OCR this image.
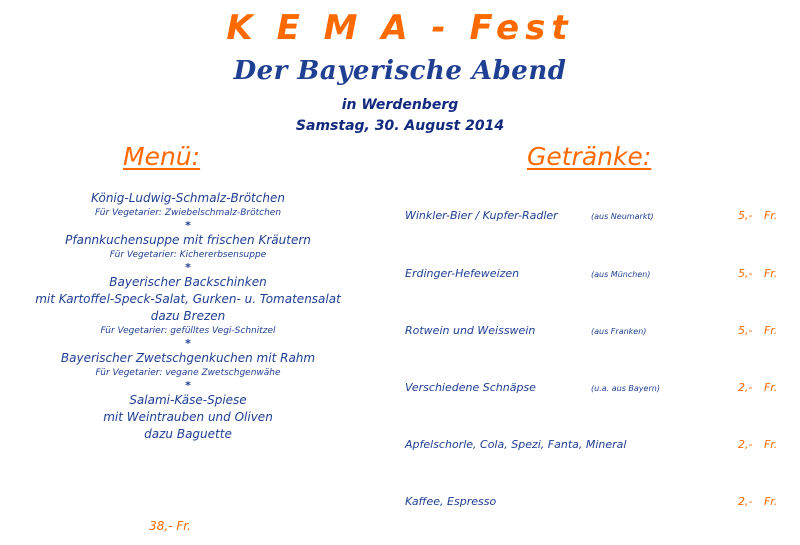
K E M A - Fest
Der Bayerische Abend
in Werdenberg
Samstag, 30. August 2014
Menü:	Getränke:
König-Ludwig-Schmalz-Brötchen
Für Vegetarier: Zwiebelschmalz-Brötchen
*
Pfannkuchensuppe mit frischen Kräutern
Für Vegetarier: Kichererbsensuppe
*
Bayerischer Backschinken
mit Kartoffel-Speck-Salat, Gurken- u. Tomatensalat
dazu Brezen
Für Vegetarier: gefülltes Vegi-Schnitzel
*
Bayerischer Zwetschgenkuchen mit Rahm
Für Vegetarier: vegane Zwetschgenwähe
*
Salami-Käse-Spiese
mit Weintrauben und Oliven
dazu Baguette
38,- Fr.
Winkler-Bier / Kupfer-Radler	(aus Neumarkt)	5,- Fr.
Erdinger-Hefeweizen	(aus München)	5,- Fr.
Rotwein und Weisswein	(aus Franken)	5,- Fr.
Verschiedene Schnäpse	(u.a. aus Bayern)	2,- Fr.
Apfelschorle, Cola, Spezi, Fanta, Mineral	2,- Fr.
Kaffee, Espresso	2,- Fr.
